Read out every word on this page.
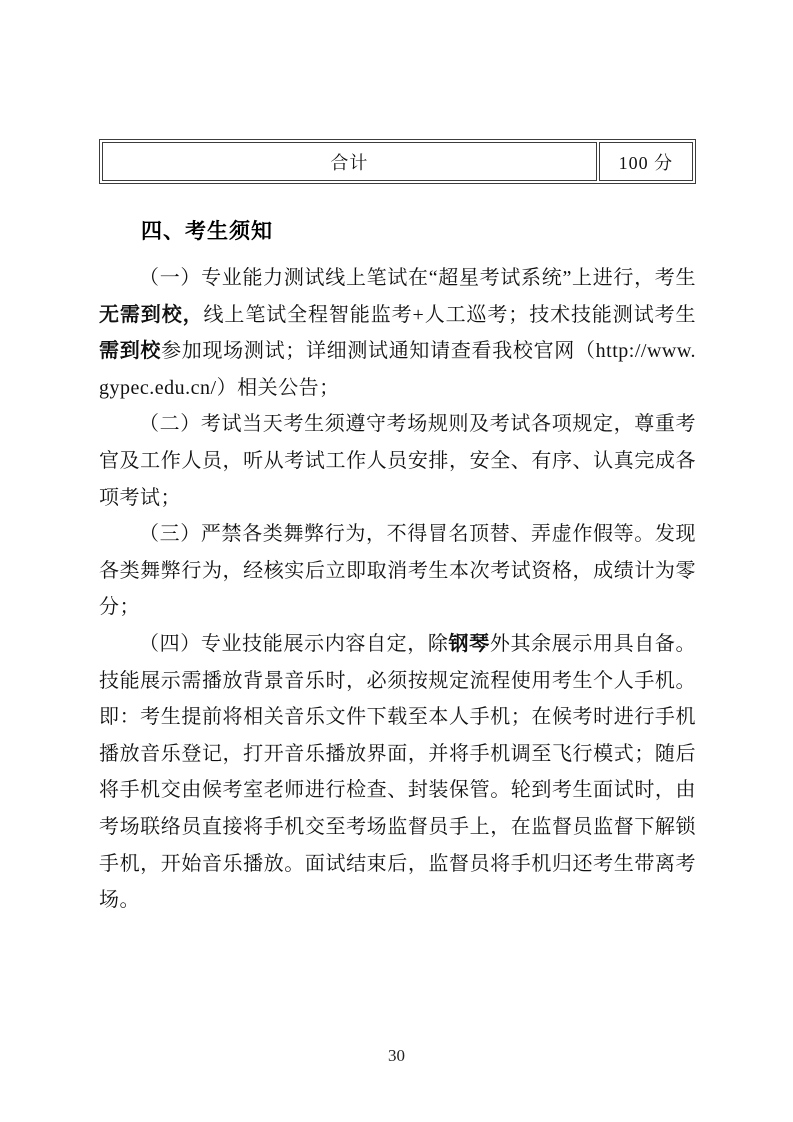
合计	100 分
四、考生须知

（一）专业能力测试线上笔试在“超星考试系统”上进行，考生无需到校，线上笔试全程智能监考+人工巡考；技术技能测试考生需到校参加现场测试；详细测试通知请查看我校官网（http://www.gypec.edu.cn/）相关公告；

（二）考试当天考生须遵守考场规则及考试各项规定，尊重考官及工作人员，听从考试工作人员安排，安全、有序、认真完成各项考试；

（三）严禁各类舞弊行为，不得冒名顶替、弄虚作假等。发现各类舞弊行为，经核实后立即取消考生本次考试资格，成绩计为零分；

（四）专业技能展示内容自定，除钢琴外其余展示用具自备。技能展示需播放背景音乐时，必须按规定流程使用考生个人手机。即：考生提前将相关音乐文件下载至本人手机；在候考时进行手机播放音乐登记，打开音乐播放界面，并将手机调至飞行模式；随后将手机交由候考室老师进行检查、封装保管。轮到考生面试时，由考场联络员直接将手机交至考场监督员手上，在监督员监督下解锁手机，开始音乐播放。面试结束后，监督员将手机归还考生带离考场。

30
